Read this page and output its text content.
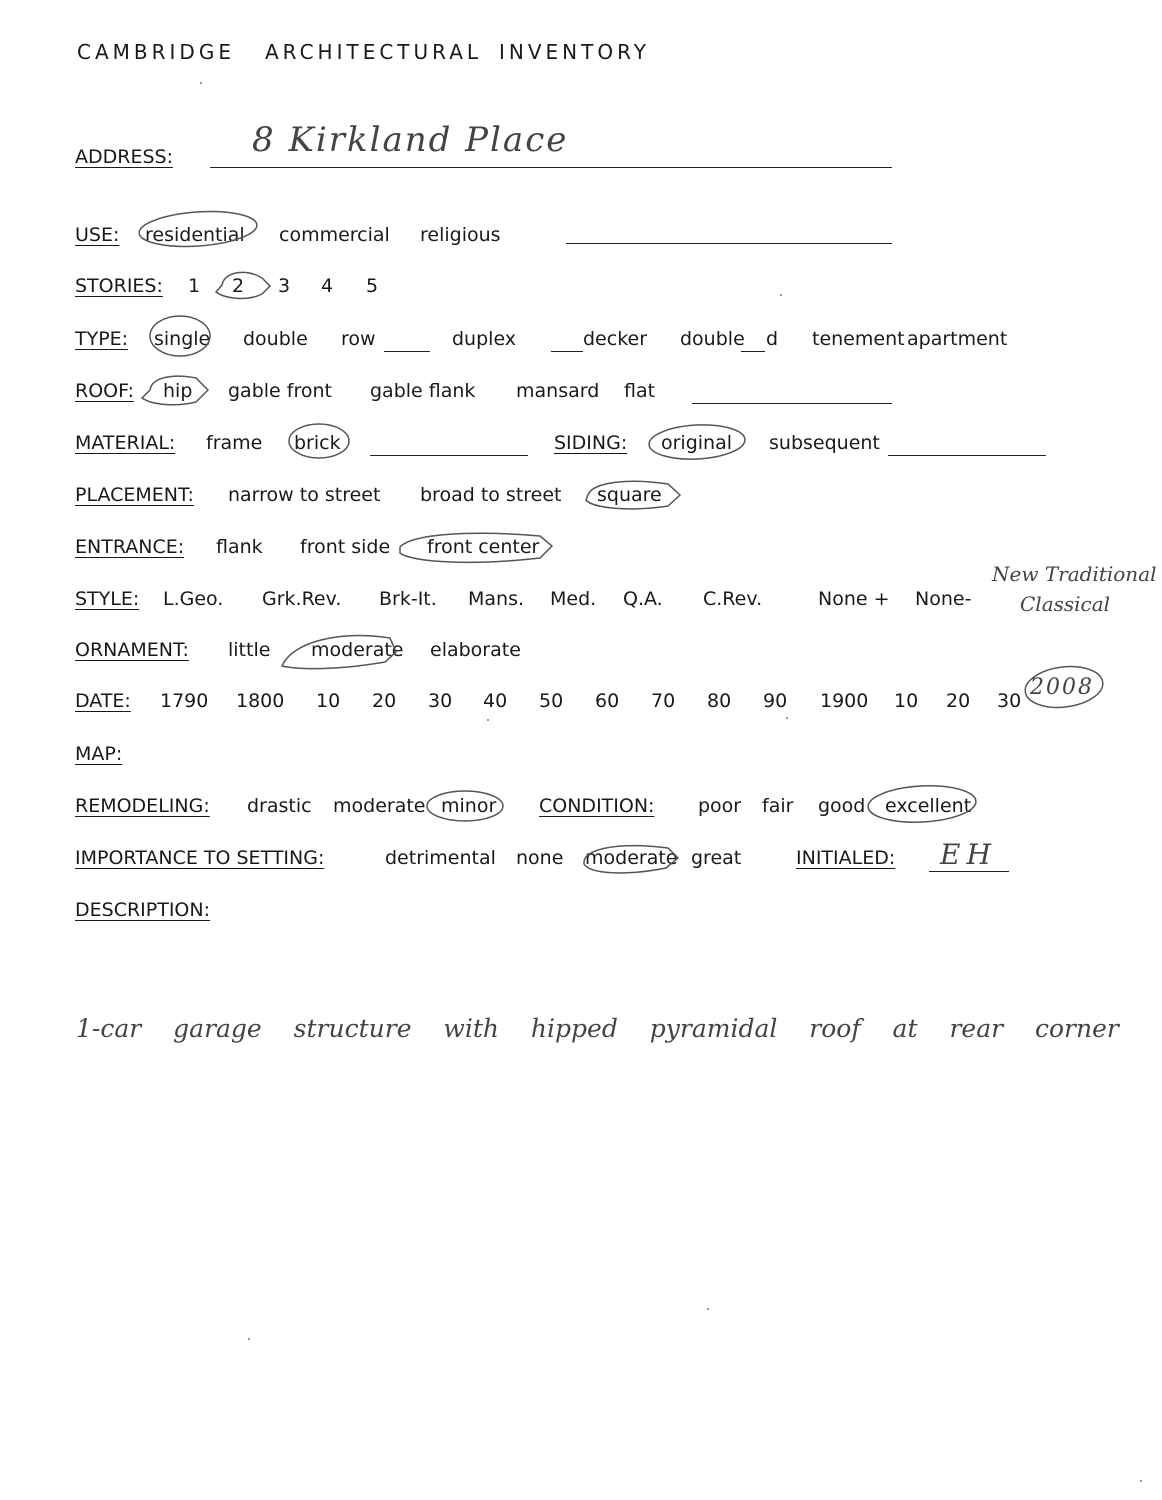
CAMBRIDGE ARCHITECTURAL INVENTORY
ADDRESS: 8 Kirkland Place
USE: residential commercial religious
STORIES: 1 2 3 4 5
TYPE: single double row	duplex	decker double d tenement apartment
ROOF: hip gable front gable flank mansard flat
MATERIAL: frame brick	SIDING: original subsequent
PLACEMENT: narrow to street broad to street square
ENTRANCE: flank front side front center
STYLE: L.Geo. Grk.Rev. Brk-It. Mans. Med. Q.A. C.Rev.	None + None-
New Traditional
Classical
ORNAMENT: little moderate elaborate
DATE: 1790 1800 10 20 30 40 50 60 70 80 90 1900 10 20 30
2008
MAP:
REMODELING: drastic moderate minor CONDITION: poor fair good excellent
IMPORTANCE TO SETTING:	detrimental none moderate great	INITIALED: EH
DESCRIPTION:
1-car garage structure with hipped pyramidal roof at rear corner
